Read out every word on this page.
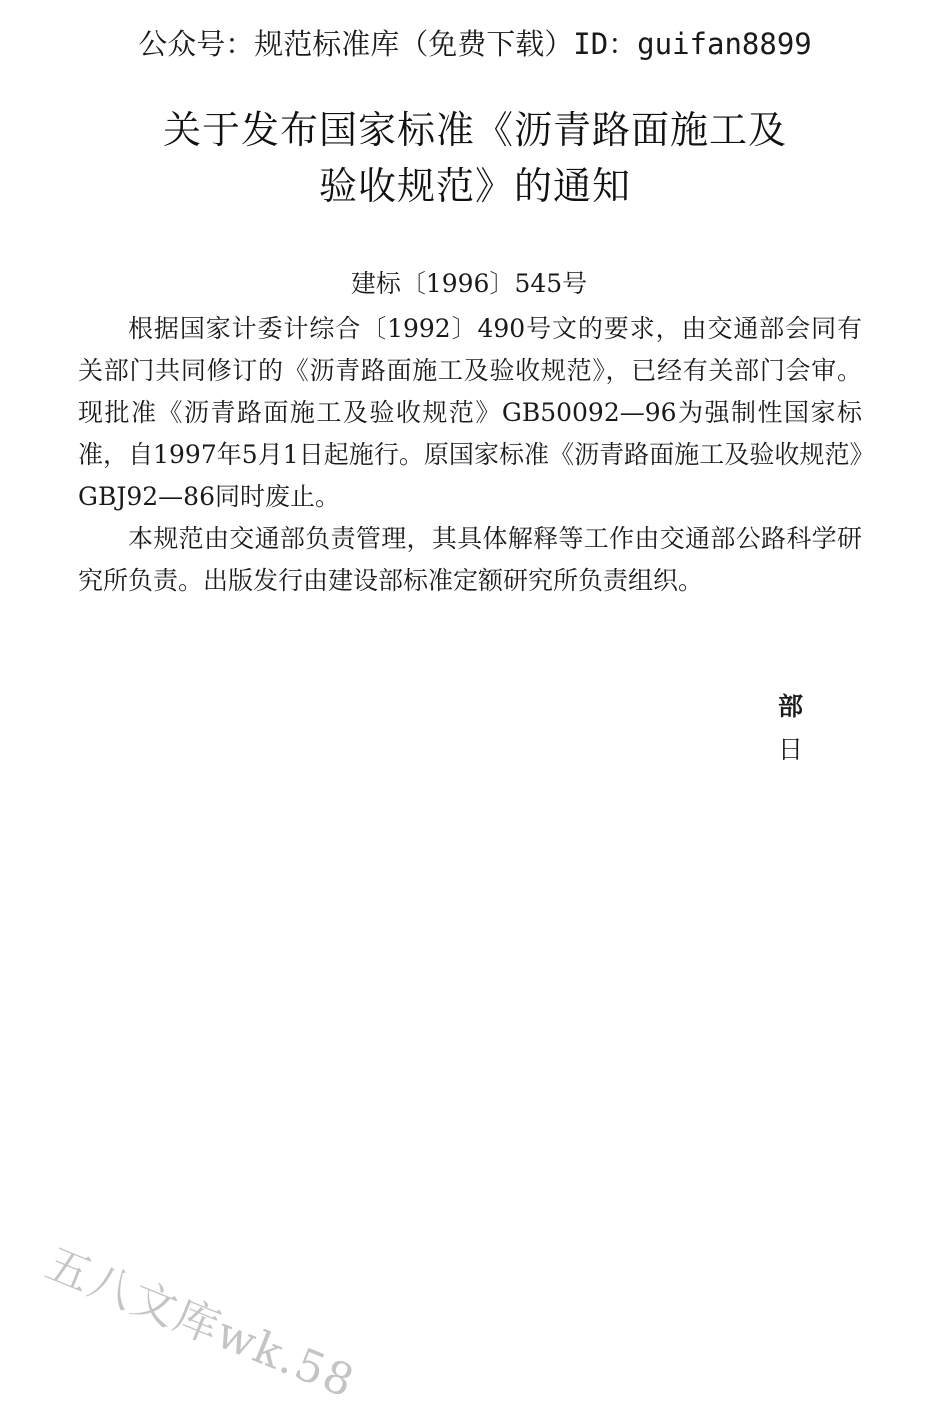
公众号：规范标准库（免费下载）ID：guifan8899
关于发布国家标准《沥青路面施工及
验收规范》的通知
建标〔1996〕545号

根据国家计委计综合〔1992〕490号文的要求，由交通部会同有关部门共同修订的《沥青路面施工及验收规范》，已经有关部门会审。现批准《沥青路面施工及验收规范》GB50092—96为强制性国家标准，自1997年5月1日起施行。原国家标准《沥青路面施工及验收规范》GBJ92—86同时废止。

本规范由交通部负责管理，其具体解释等工作由交通部公路科学研究所负责。出版发行由建设部标准定额研究所负责组织。

部
日
五八文库wk.58
